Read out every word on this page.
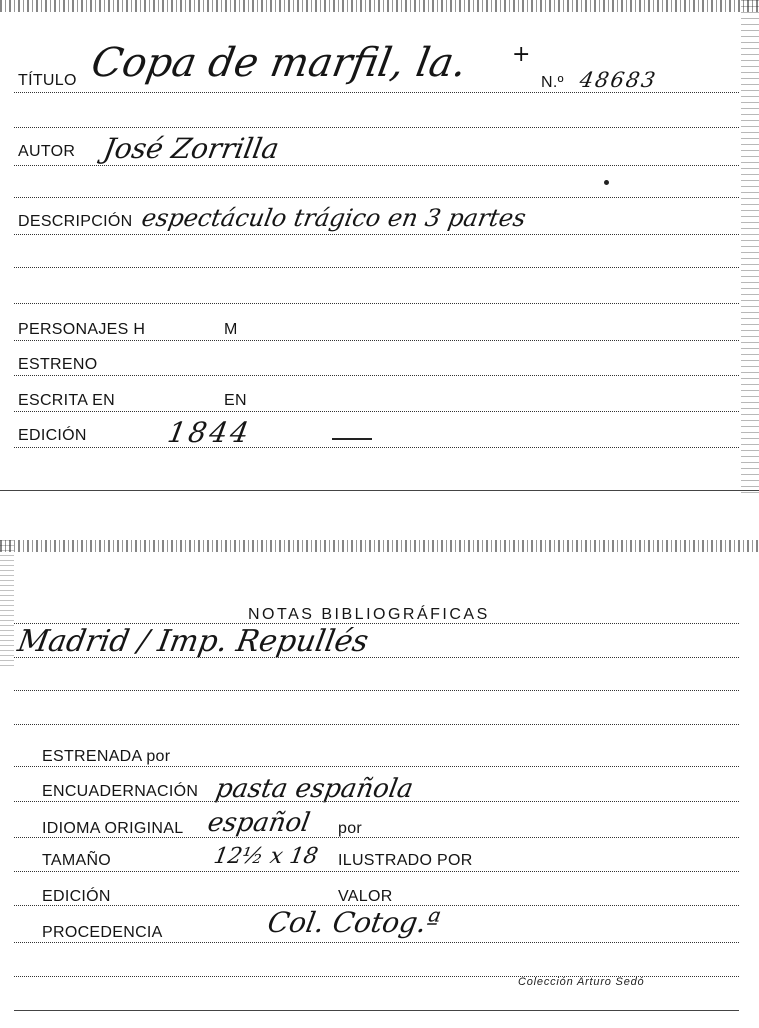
TÍTULO Copa de marfil, la. +
N.º 48683
AUTOR José Zorrilla
DESCRIPCIÓN espectáculo trágico en 3 partes
PERSONAJES H	M
ESTRENO
ESCRITA EN	EN
EDICIÓN	1844
NOTAS BIBLIOGRÁFICAS
Madrid / Imp. Repullés
ESTRENADA por
ENCUADERNACIÓN pasta española
IDIOMA ORIGINAL español por
TAMAÑO	12½ x 18 ILUSTRADO POR
EDICIÓN	VALOR
PROCEDENCIA	Col. Cotog.ª
Colección Arturo Sedó
